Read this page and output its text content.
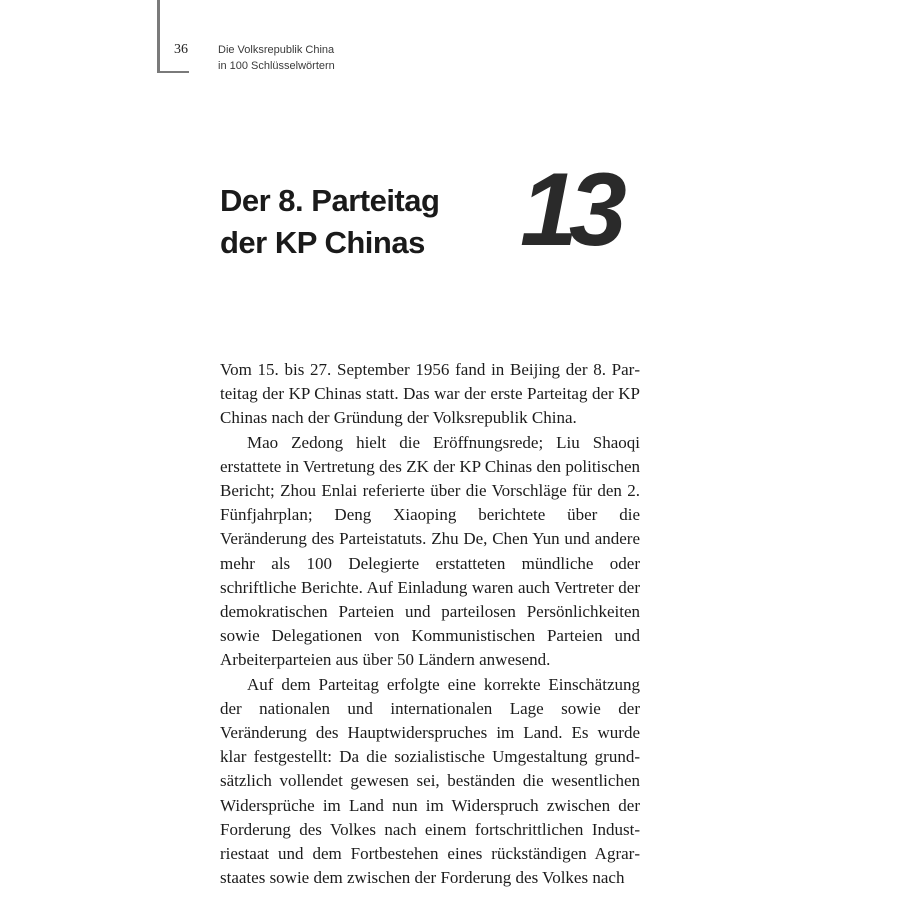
36	Die Volksrepublik China
in 100 Schlüsselwörtern
Der 8. Parteitag
der KP Chinas 13

Vom 15. bis 27. September 1956 fand in Beijing der 8. Parteitag der KP Chinas statt. Das war der erste Parteitag der KP Chinas nach der Gründung der Volksrepublik China.

Mao Zedong hielt die Eröffnungsrede; Liu Shaoqi erstattete in Vertretung des ZK der KP Chinas den politischen Bericht; Zhou Enlai referierte über die Vorschläge für den 2. Fünfjahrplan; Deng Xiaoping berichtete über die Veränderung des Parteistatuts. Zhu De, Chen Yun und andere mehr als 100 Delegierte erstatteten mündliche oder schriftliche Berichte. Auf Einladung waren auch Vertreter der demokratischen Parteien und parteilosen Persönlichkeiten sowie Delegationen von Kommunistischen Parteien und Arbeiterparteien aus über 50 Ländern anwesend.

Auf dem Parteitag erfolgte eine korrekte Einschätzung der nationalen und internationalen Lage sowie der Veränderung des Hauptwiderspruches im Land. Es wurde klar festgestellt: Da die sozialistische Umgestaltung grundsätzlich vollendet gewesen sei, beständen die wesentlichen Widersprüche im Land nun im Widerspruch zwischen der Forderung des Volkes nach einem fortschrittlichen Industriestaat und dem Fortbestehen eines rückständigen Agrarstaates sowie dem zwischen der Forderung des Volkes nach
